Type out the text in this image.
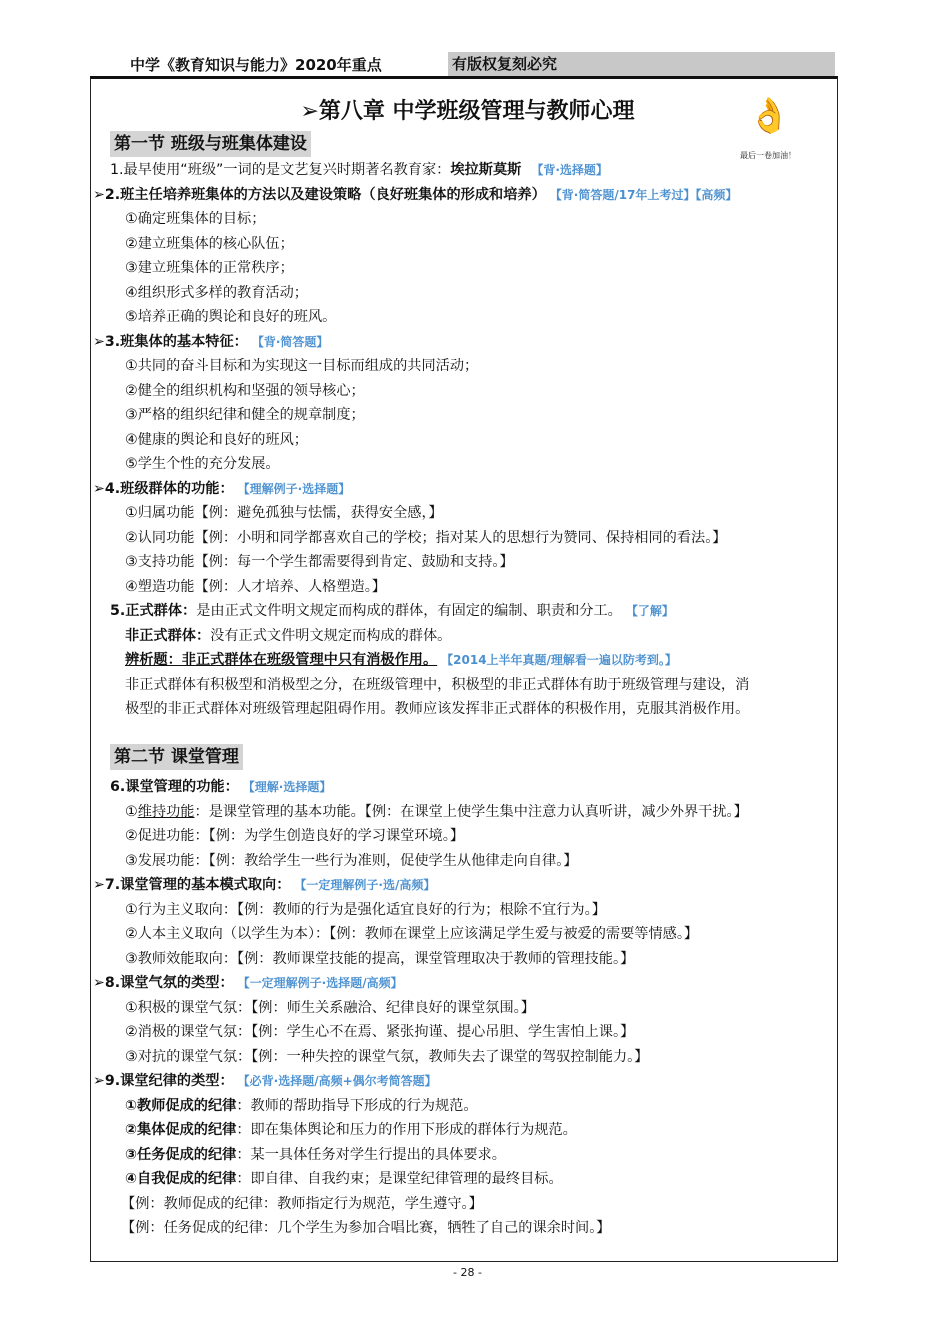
中学《教育知识与能力》2020年重点	有版权复刻必究
➢第八章 中学班级管理与教师心理	👌
最后一卷加油！
第一节 班级与班集体建设
1.最早使用“班级”一词的是文艺复兴时期著名教育家：埃拉斯莫斯 【背·选择题】
➢2.班主任培养班集体的方法以及建设策略（良好班集体的形成和培养） 【背·简答题/17年上考过】【高频】
①确定班集体的目标；
②建立班集体的核心队伍；
③建立班集体的正常秩序；
④组织形式多样的教育活动；
⑤培养正确的舆论和良好的班风。
➢3.班集体的基本特征： 【背·简答题】
①共同的奋斗目标和为实现这一目标而组成的共同活动；
②健全的组织机构和坚强的领导核心；
③严格的组织纪律和健全的规章制度；
④健康的舆论和良好的班风；
⑤学生个性的充分发展。
➢4.班级群体的功能： 【理解例子·选择题】
①归属功能【例：避免孤独与怯懦，获得安全感，】
②认同功能【例：小明和同学都喜欢自己的学校；指对某人的思想行为赞同、保持相同的看法。】
③支持功能【例：每一个学生都需要得到肯定、鼓励和支持。】
④塑造功能【例：人才培养、人格塑造。】
5.正式群体：是由正式文件明文规定而构成的群体，有固定的编制、职责和分工。 【了解】
非正式群体：没有正式文件明文规定而构成的群体。
辨析题：非正式群体在班级管理中只有消极作用。 【2014上半年真题/理解看一遍以防考到。】
非正式群体有积极型和消极型之分，在班级管理中，积极型的非正式群体有助于班级管理与建设，消
极型的非正式群体对班级管理起阻碍作用。教师应该发挥非正式群体的积极作用，克服其消极作用。
第二节 课堂管理
6.课堂管理的功能： 【理解·选择题】
①维持功能：是课堂管理的基本功能。【例：在课堂上使学生集中注意力认真听讲，减少外界干扰。】
②促进功能：【例：为学生创造良好的学习课堂环境。】
③发展功能：【例：教给学生一些行为准则，促使学生从他律走向自律。】
➢7.课堂管理的基本模式取向： 【一定理解例子·选/高频】
①行为主义取向：【例：教师的行为是强化适宜良好的行为；根除不宜行为。】
②人本主义取向（以学生为本）：【例：教师在课堂上应该满足学生爱与被爱的需要等情感。】
③教师效能取向：【例：教师课堂技能的提高，课堂管理取决于教师的管理技能。】
➢8.课堂气氛的类型： 【一定理解例子·选择题/高频】
①积极的课堂气氛：【例：师生关系融洽、纪律良好的课堂氛围。】
②消极的课堂气氛：【例：学生心不在焉、紧张拘谨、提心吊胆、学生害怕上课。】
③对抗的课堂气氛：【例：一种失控的课堂气氛，教师失去了课堂的驾驭控制能力。】
➢9.课堂纪律的类型： 【必背·选择题/高频+偶尔考简答题】
①教师促成的纪律：教师的帮助指导下形成的行为规范。
②集体促成的纪律：即在集体舆论和压力的作用下形成的群体行为规范。
③任务促成的纪律：某一具体任务对学生行提出的具体要求。
④自我促成的纪律：即自律、自我约束；是课堂纪律管理的最终目标。
【例：教师促成的纪律：教师指定行为规范，学生遵守。】
【例：任务促成的纪律：几个学生为参加合唱比赛，牺牲了自己的课余时间。】
- 28 -
